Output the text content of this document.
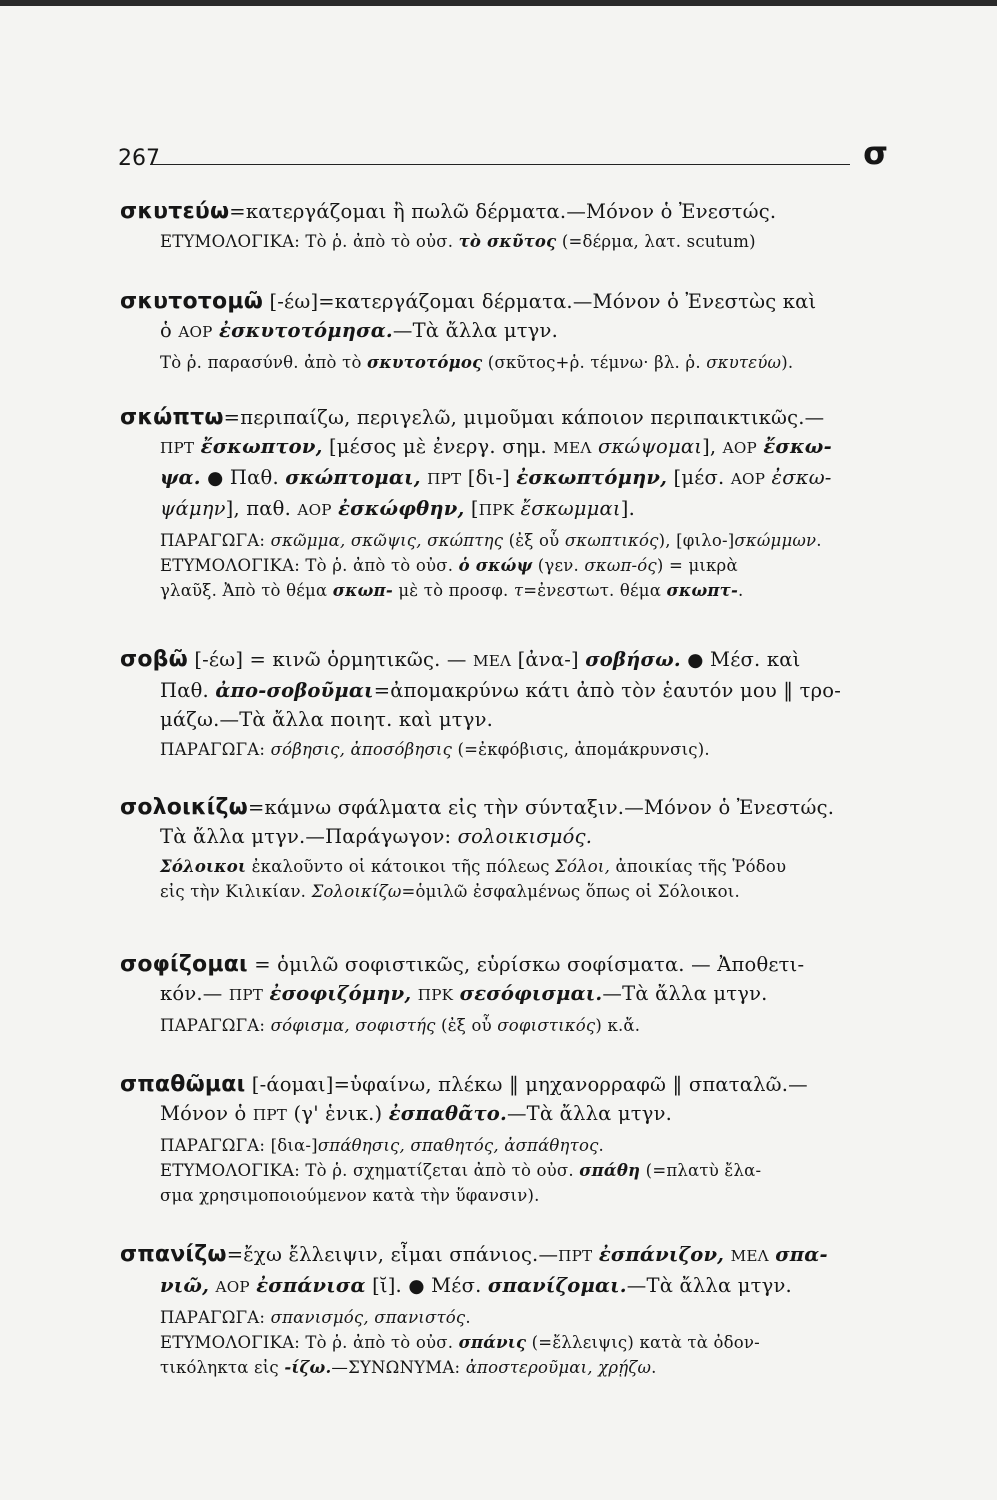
267	σ
σκυτεύω=κατεργάζομαι ἢ πωλῶ δέρματα.—Μόνον ὁ Ἐνεστώς.
ΕΤΥΜΟΛΟΓΙΚΑ: Τὸ ῥ. ἀπὸ τὸ οὐσ. τὸ σκῦτος (=δέρμα, λατ. scutum)
σκυτοτομῶ [-έω]=κατεργάζομαι δέρματα.—Μόνον ὁ Ἐνεστὼς καὶ
ὁ ΑΟΡ ἐσκυτοτόμησα.—Τὰ ἄλλα μτγν.
Τὸ ῥ. παρασύνθ. ἀπὸ τὸ σκυτοτόμος (σκῦτος+ῥ. τέμνω· βλ. ῥ. σκυτεύω).
σκώπτω=περιπαίζω, περιγελῶ, μιμοῦμαι κάποιον περιπαικτικῶς.—
ΠΡΤ ἔσκωπτον, [μέσος μὲ ἐνεργ. σημ. ΜΕΛ σκώψομαι], ΑΟΡ ἔσκω-
ψα. ● Παθ. σκώπτομαι, ΠΡΤ [δι-] ἐσκωπτόμην, [μέσ. ΑΟΡ ἐσκω-
ψάμην], παθ. ΑΟΡ ἐσκώφθην, [ΠΡΚ ἔσκωμμαι].
ΠΑΡΑΓΩΓΑ: σκῶμμα, σκῶψις, σκώπτης (ἐξ οὗ σκωπτικός), [φιλο-]σκώμμων.
ΕΤΥΜΟΛΟΓΙΚΑ: Τὸ ῥ. ἀπὸ τὸ οὐσ. ὁ σκώψ (γεν. σκωπ-ός) = μικρὰ
γλαῦξ. Ἀπὸ τὸ θέμα σκωπ- μὲ τὸ προσφ. τ=ἐνεστωτ. θέμα σκωπτ-.
σοβῶ [-έω] = κινῶ ὁρμητικῶς. — ΜΕΛ [ἀνα-] σοβήσω. ● Μέσ. καὶ
Παθ. ἀπο-σοβοῦμαι=ἀπομακρύνω κάτι ἀπὸ τὸν ἑαυτόν μου ‖ τρο-
μάζω.—Τὰ ἄλλα ποιητ. καὶ μτγν.
ΠΑΡΑΓΩΓΑ: σόβησις, ἀποσόβησις (=ἐκφόβισις, ἀπομάκρυνσις).
σολοικίζω=κάμνω σφάλματα εἰς τὴν σύνταξιν.—Μόνον ὁ Ἐνεστώς.
Τὰ ἄλλα μτγν.—Παράγωγον: σολοικισμός.
Σόλοικοι ἐκαλοῦντο οἱ κάτοικοι τῆς πόλεως Σόλοι, ἀποικίας τῆς Ῥόδου
εἰς τὴν Κιλικίαν. Σολοικίζω=ὁμιλῶ ἐσφαλμένως ὅπως οἱ Σόλοικοι.
σοφίζομαι = ὁμιλῶ σοφιστικῶς, εὑρίσκω σοφίσματα. — Ἀποθετι-
κόν.— ΠΡΤ ἐσοφιζόμην, ΠΡΚ σεσόφισμαι.—Τὰ ἄλλα μτγν.
ΠΑΡΑΓΩΓΑ: σόφισμα, σοφιστής (ἐξ οὗ σοφιστικός) κ.ἄ.
σπαθῶμαι [-άομαι]=ὑφαίνω, πλέκω ‖ μηχανορραφῶ ‖ σπαταλῶ.—
Μόνον ὁ ΠΡΤ (γ' ἑνικ.) ἐσπαθᾶτο.—Τὰ ἄλλα μτγν.
ΠΑΡΑΓΩΓΑ: [δια-]σπάθησις, σπαθητός, ἀσπάθητος.
ΕΤΥΜΟΛΟΓΙΚΑ: Τὸ ῥ. σχηματίζεται ἀπὸ τὸ οὐσ. σπάθη (=πλατὺ ἔλα-
σμα χρησιμοποιούμενον κατὰ τὴν ὕφανσιν).
σπανίζω=ἔχω ἔλλειψιν, εἶμαι σπάνιος.—ΠΡΤ ἐσπάνιζον, ΜΕΛ σπα-
νιῶ, ΑΟΡ ἐσπάνισα [ῐ]. ● Μέσ. σπανίζομαι.—Τὰ ἄλλα μτγν.
ΠΑΡΑΓΩΓΑ: σπανισμός, σπανιστός.
ΕΤΥΜΟΛΟΓΙΚΑ: Τὸ ῥ. ἀπὸ τὸ οὐσ. σπάνις (=ἔλλειψις) κατὰ τὰ ὀδον-
τικόληκτα εἰς -ίζω.—ΣΥΝΩΝΥΜΑ: ἀποστεροῦμαι, χρῄζω.
